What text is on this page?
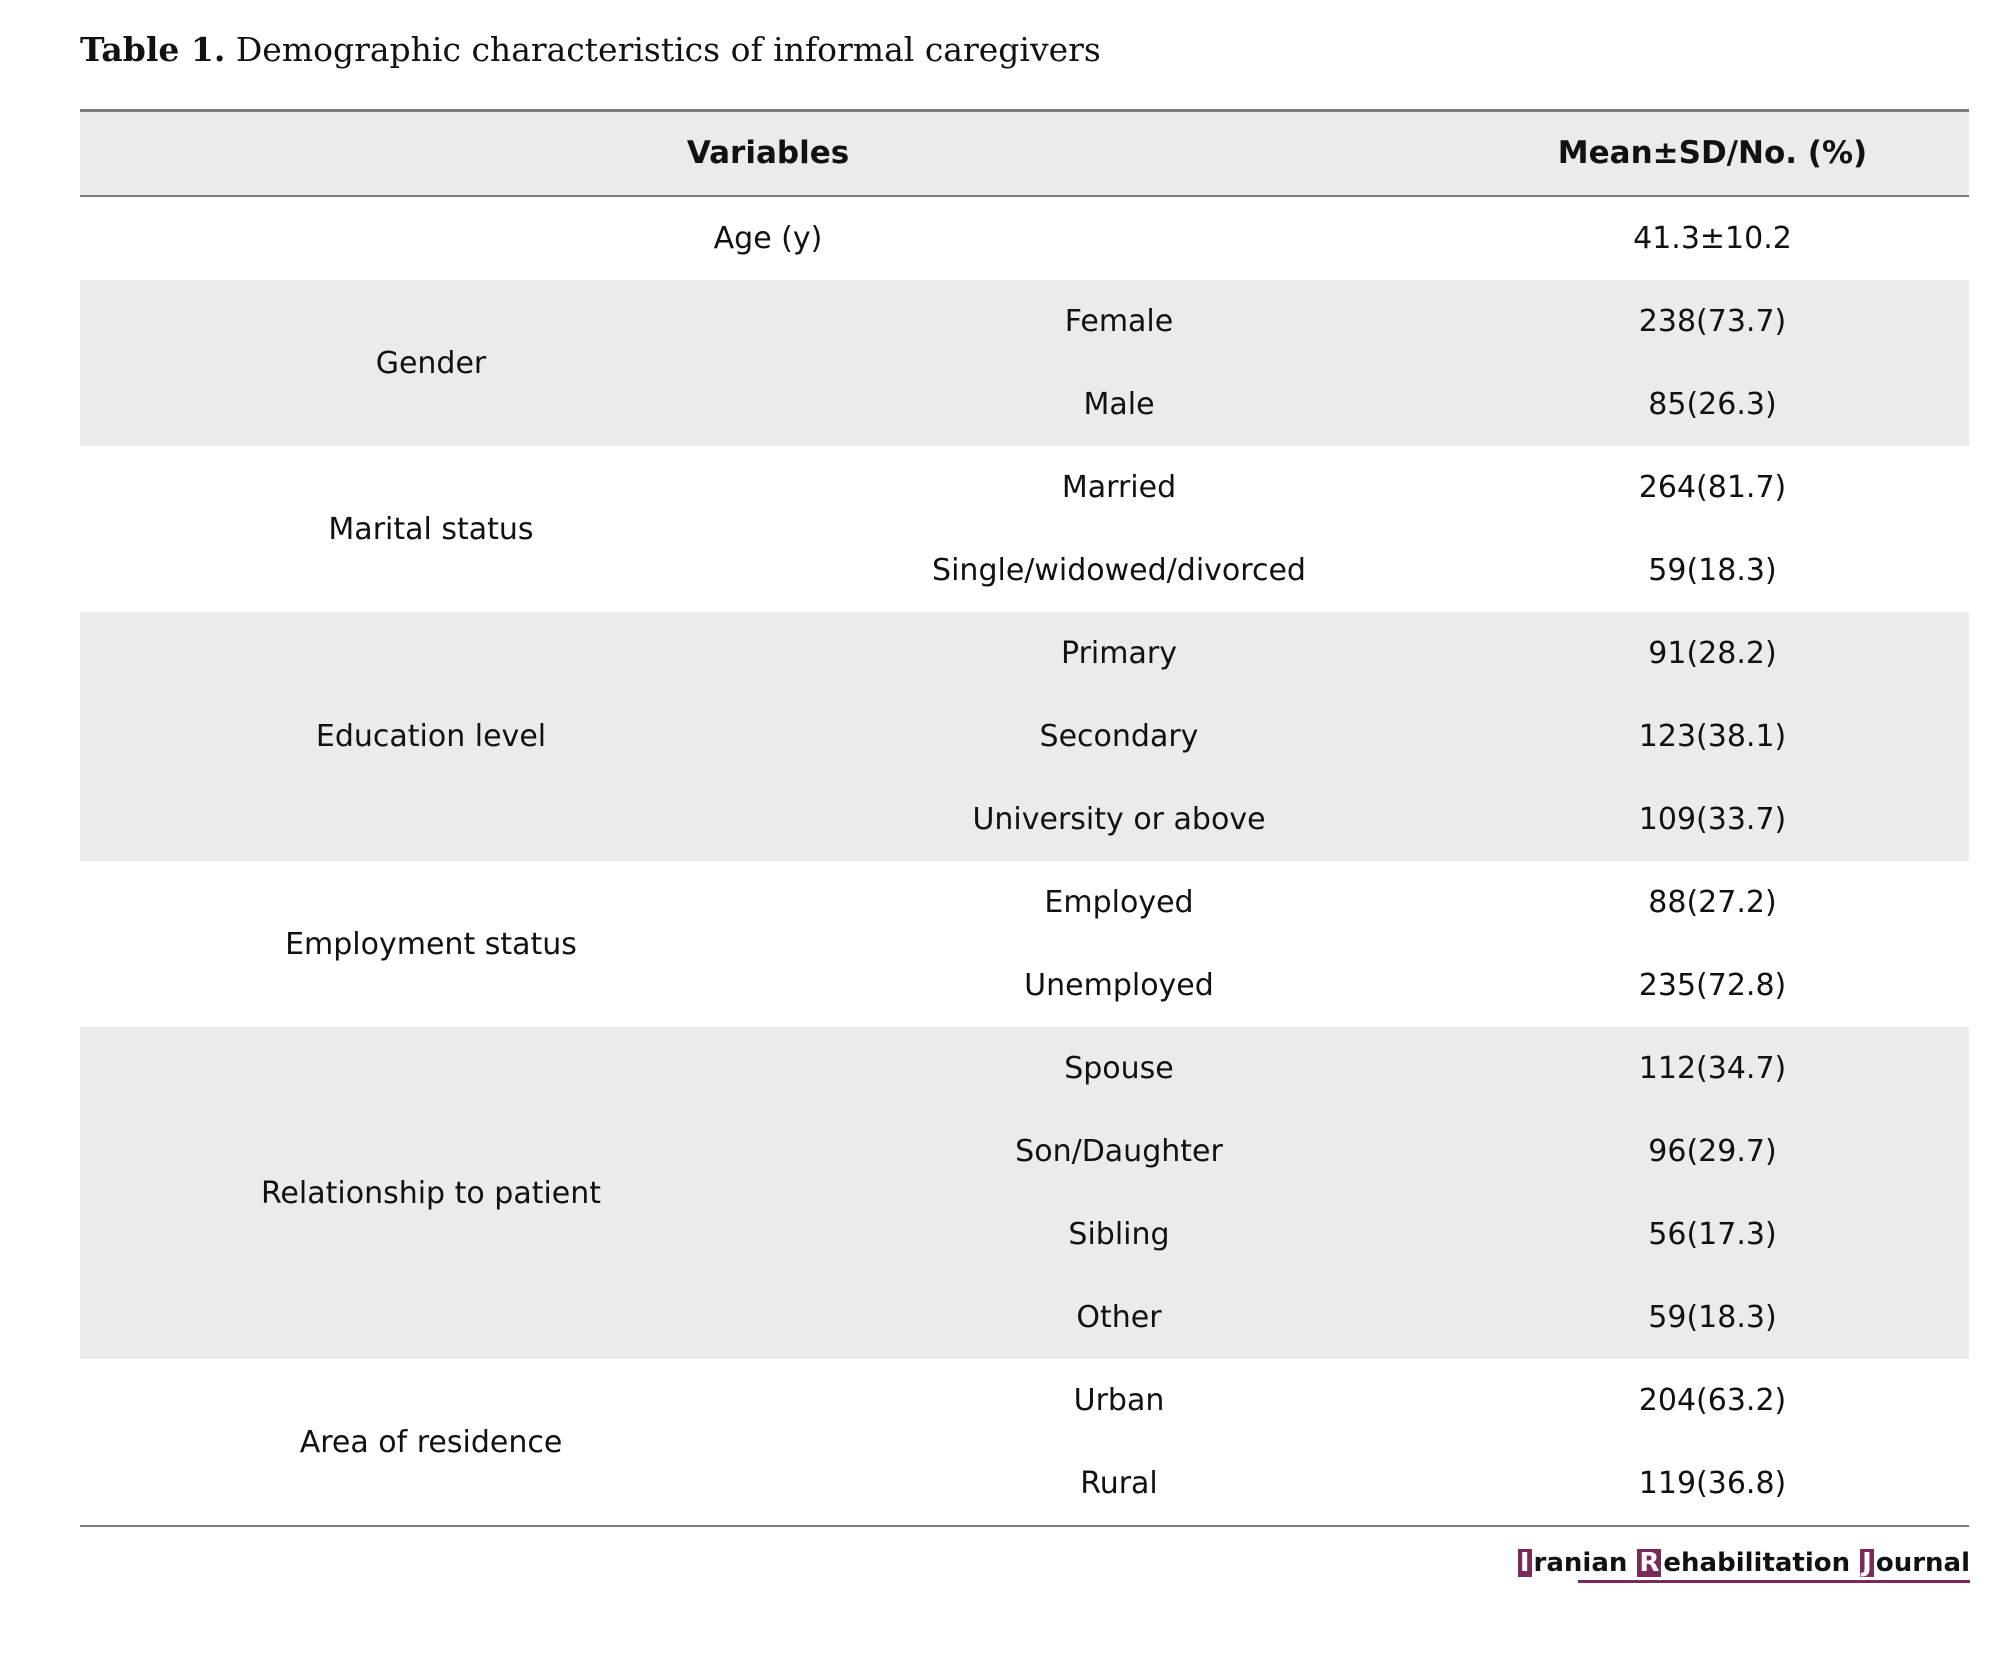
Table 1. Demographic characteristics of informal caregivers
Variables	Mean±SD/No. (%)
Age (y)	41.3±10.2
Gender
Female	238(73.7)
Male	85(26.3)
Marital status
Married	264(81.7)
Single/widowed/divorced	59(18.3)
Education level
Primary	91(28.2)
Secondary	123(38.1)
University or above	109(33.7)
Employment status
Employed	88(27.2)
Unemployed	235(72.8)
Relationship to patient
Spouse	112(34.7)
Son/Daughter	96(29.7)
Sibling	56(17.3)
Other	59(18.3)
Area of residence
Urban	204(63.2)
Rural	119(36.8)
I ranian R ehabilitation J ournal
